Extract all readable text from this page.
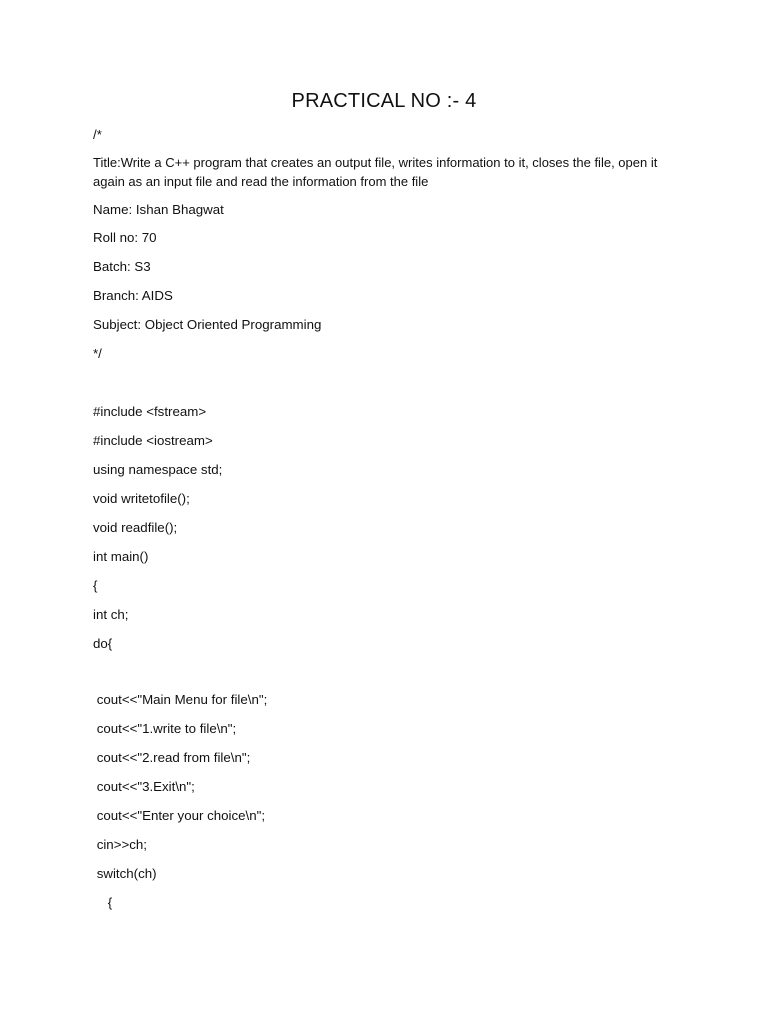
PRACTICAL NO :- 4
/*
Title:Write a C++ program that creates an output file, writes information to it, closes the file, open it again as an input file and read the information from the file
Name: Ishan Bhagwat
Roll no: 70
Batch: S3
Branch: AIDS
Subject: Object Oriented Programming
*/
#include <fstream>
#include <iostream>
using namespace std;
void writetofile();
void readfile();
int main()
{
int ch;
do{
cout<<"Main Menu for file\n";
cout<<"1.write to file\n";
cout<<"2.read from file\n";
cout<<"3.Exit\n";
cout<<"Enter your choice\n";
cin>>ch;
switch(ch)
{
